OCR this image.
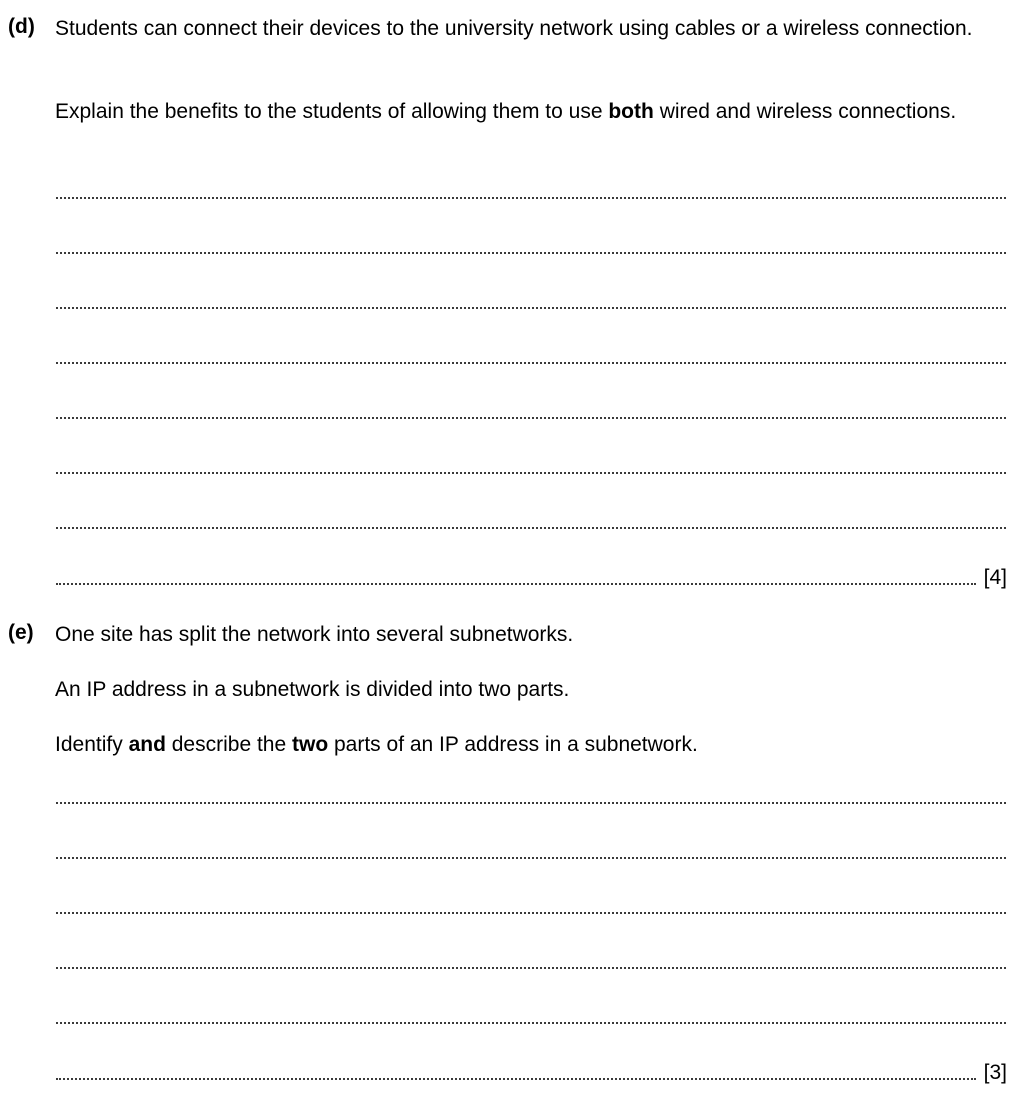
(d) Students can connect their devices to the university network using cables or a wireless connection.
Explain the benefits to the students of allowing them to use both wired and wireless connections.
[4]
(e) One site has split the network into several subnetworks.
An IP address in a subnetwork is divided into two parts.
Identify and describe the two parts of an IP address in a subnetwork.
[3]
